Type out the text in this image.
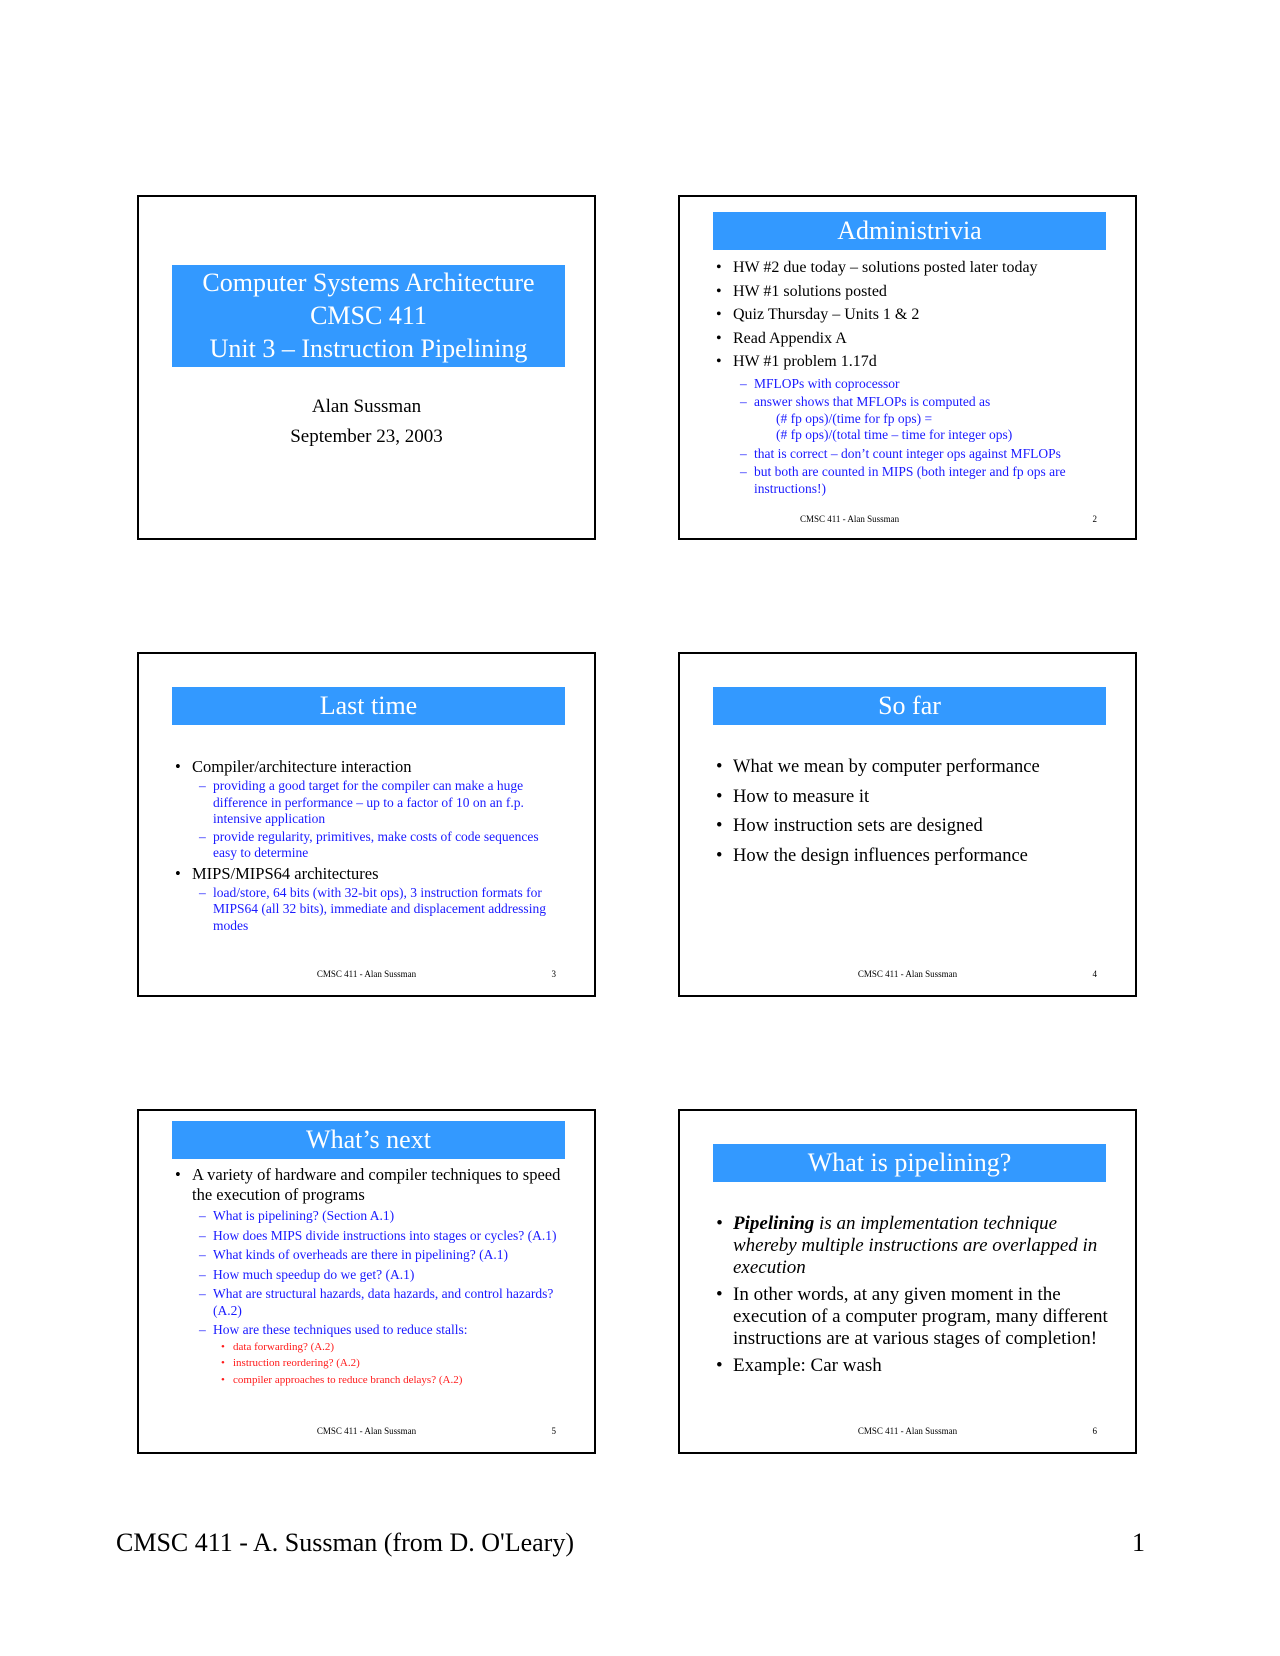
Computer Systems Architecture
CMSC 411
Unit 3 – Instruction Pipelining
Alan Sussman
September 23, 2003
Administrivia
• HW #2 due today – solutions posted later today
• HW #1 solutions posted
• Quiz Thursday – Units 1 & 2
• Read Appendix A
• HW #1 problem 1.17d
– MFLOPs with coprocessor
– answer shows that MFLOPs is computed as
(# fp ops)/(time for fp ops) =
(# fp ops)/(total time – time for integer ops)
– that is correct – don’t count integer ops against MFLOPs
– but both are counted in MIPS (both integer and fp ops are instructions!)
CMSC 411 - Alan Sussman	2
Last time
• Compiler/architecture interaction
– providing a good target for the compiler can make a huge difference in performance – up to a factor of 10 on an f.p. intensive application
– provide regularity, primitives, make costs of code sequences easy to determine
• MIPS/MIPS64 architectures
– load/store, 64 bits (with 32-bit ops), 3 instruction formats for MIPS64 (all 32 bits), immediate and displacement addressing modes
CMSC 411 - Alan Sussman	3
So far
• What we mean by computer performance
• How to measure it
• How instruction sets are designed
• How the design influences performance
CMSC 411 - Alan Sussman	4
What’s next
• A variety of hardware and compiler techniques to speed the execution of programs
– What is pipelining? (Section A.1)
– How does MIPS divide instructions into stages or cycles? (A.1)
– What kinds of overheads are there in pipelining? (A.1)
– How much speedup do we get? (A.1)
– What are structural hazards, data hazards, and control hazards? (A.2)
– How are these techniques used to reduce stalls:
• data forwarding? (A.2)
• instruction reordering? (A.2)
• compiler approaches to reduce branch delays? (A.2)
CMSC 411 - Alan Sussman	5
What is pipelining?
• Pipelining is an implementation technique whereby multiple instructions are overlapped in execution
• In other words, at any given moment in the execution of a computer program, many different instructions are at various stages of completion!
• Example: Car wash
CMSC 411 - Alan Sussman	6
CMSC 411 - A. Sussman (from D. O'Leary)	1
